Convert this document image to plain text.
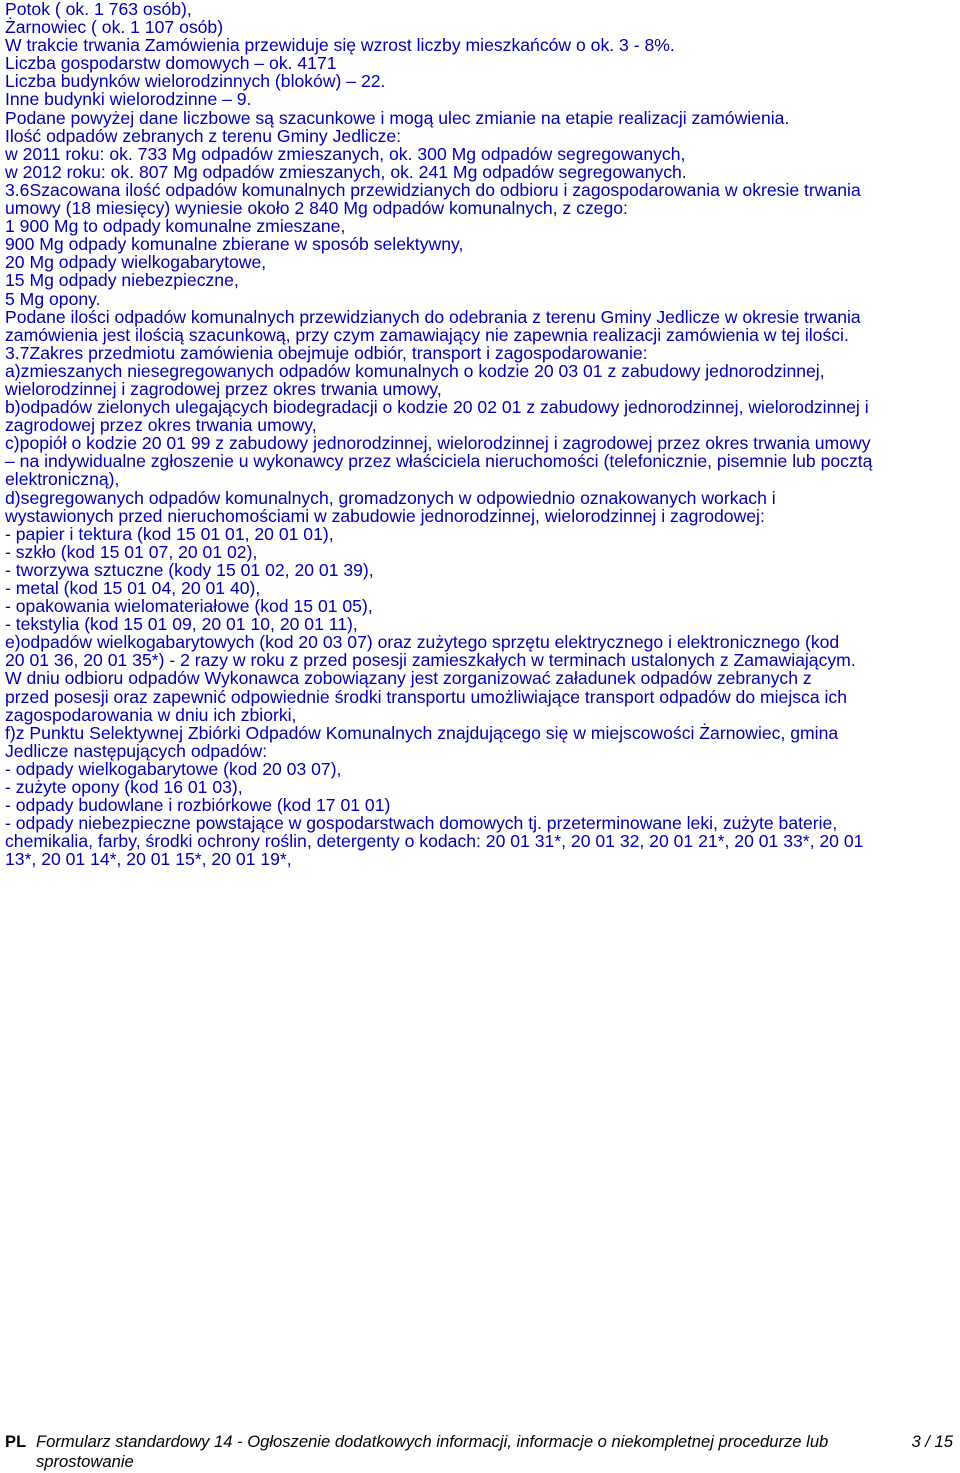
Potok ( ok. 1 763 osób),
Żarnowiec ( ok. 1 107 osób)
W trakcie trwania Zamówienia przewiduje się wzrost liczby mieszkańców o ok. 3 - 8%.
Liczba gospodarstw domowych – ok. 4171
Liczba budynków wielorodzinnych (bloków) – 22.
Inne budynki wielorodzinne – 9.
Podane powyżej dane liczbowe są szacunkowe i mogą ulec zmianie na etapie realizacji zamówienia.
Ilość odpadów zebranych z terenu Gminy Jedlicze:
w 2011 roku: ok. 733 Mg odpadów zmieszanych, ok. 300 Mg odpadów segregowanych,
w 2012 roku: ok. 807 Mg odpadów zmieszanych, ok. 241 Mg odpadów segregowanych.
3.6Szacowana ilość odpadów komunalnych przewidzianych do odbioru i zagospodarowania w okresie trwania
umowy (18 miesięcy) wyniesie około 2 840 Mg odpadów komunalnych, z czego:
1 900 Mg to odpady komunalne zmieszane,
900 Mg odpady komunalne zbierane w sposób selektywny,
20 Mg odpady wielkogabarytowe,
15 Mg odpady niebezpieczne,
5 Mg opony.
Podane ilości odpadów komunalnych przewidzianych do odebrania z terenu Gminy Jedlicze w okresie trwania
zamówienia jest ilością szacunkową, przy czym zamawiający nie zapewnia realizacji zamówienia w tej ilości.
3.7Zakres przedmiotu zamówienia obejmuje odbiór, transport i zagospodarowanie:
a)zmieszanych niesegregowanych odpadów komunalnych o kodzie 20 03 01 z zabudowy jednorodzinnej,
wielorodzinnej i zagrodowej przez okres trwania umowy,
b)odpadów zielonych ulegających biodegradacji o kodzie 20 02 01 z zabudowy jednorodzinnej, wielorodzinnej i
zagrodowej przez okres trwania umowy,
c)popiół o kodzie 20 01 99 z zabudowy jednorodzinnej, wielorodzinnej i zagrodowej przez okres trwania umowy
– na indywidualne zgłoszenie u wykonawcy przez właściciela nieruchomości (telefonicznie, pisemnie lub pocztą
elektroniczną),
d)segregowanych odpadów komunalnych, gromadzonych w odpowiednio oznakowanych workach i
wystawionych przed nieruchomościami w zabudowie jednorodzinnej, wielorodzinnej i zagrodowej:
- papier i tektura (kod 15 01 01, 20 01 01),
- szkło (kod 15 01 07, 20 01 02),
- tworzywa sztuczne (kody 15 01 02, 20 01 39),
- metal (kod 15 01 04, 20 01 40),
- opakowania wielomateriałowe (kod 15 01 05),
- tekstylia (kod 15 01 09, 20 01 10, 20 01 11),
e)odpadów wielkogabarytowych (kod 20 03 07) oraz zużytego sprzętu elektrycznego i elektronicznego (kod
20 01 36, 20 01 35*) - 2 razy w roku z przed posesji zamieszkałych w terminach ustalonych z Zamawiającym.
W dniu odbioru odpadów Wykonawca zobowiązany jest zorganizować załadunek odpadów zebranych z
przed posesji oraz zapewnić odpowiednie środki transportu umożliwiające transport odpadów do miejsca ich
zagospodarowania w dniu ich zbiorki,
f)z Punktu Selektywnej Zbiórki Odpadów Komunalnych znajdującego się w miejscowości Żarnowiec, gmina
Jedlicze następujących odpadów:
- odpady wielkogabarytowe (kod 20 03 07),
- zużyte opony (kod 16 01 03),
- odpady budowlane i rozbiórkowe (kod 17 01 01)
- odpady niebezpieczne powstające w gospodarstwach domowych tj. przeterminowane leki, zużyte baterie,
chemikalia, farby, środki ochrony roślin, detergenty o kodach: 20 01 31*, 20 01 32, 20 01 21*, 20 01 33*, 20 01
13*, 20 01 14*, 20 01 15*, 20 01 19*,
PL Formularz standardowy 14 - Ogłoszenie dodatkowych informacji, informacje o niekompletnej procedurze lub sprostowanie
3 / 15
